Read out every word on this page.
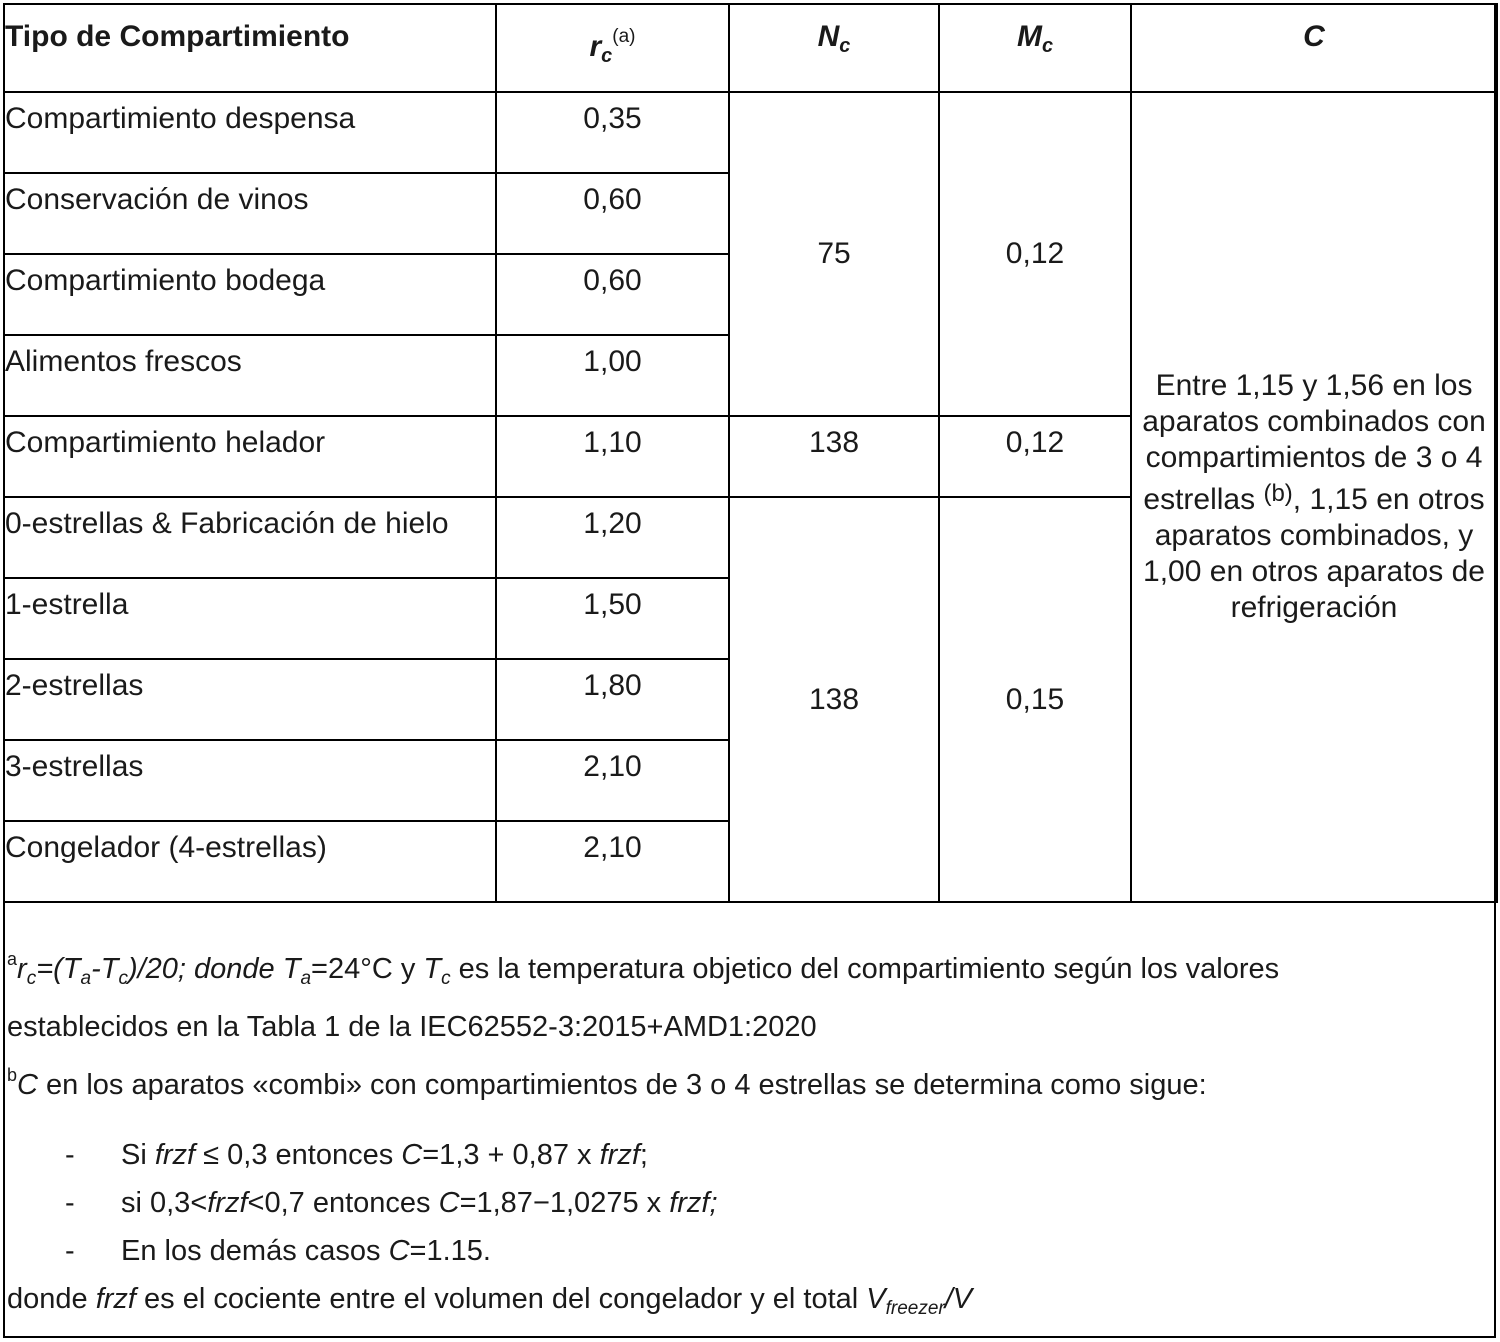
Tipo de Compartimiento	$r_c^{(a)}$	$N_c$	$M_c$	C

Compartimiento despensa	0,35	75	0,12	Entre 1,15 y 1,56 en los aparatos combinados con compartimientos de 3 o 4 estrellas $^{(b)}$, 1,15 en otros aparatos combinados, y 1,00 en otros aparatos de refrigeración

Conservación de vinos	0,60			

Compartimiento bodega	0,60			

Alimentos frescos	1,00			

Compartimiento helador	1,10	138	0,12	

0-estrellas & Fabricación de hielo	1,20	138	0,15	

1-estrella	1,50			

2-estrellas	1,80			

3-estrellas	2,10			

Congelador (4-estrellas)	2,10			
$^ar_c=(T_a-T_c)/20$; donde $T_a=24^\circ C$ y $T_c$ es la temperatura objetico del compartimiento según los valores
establecidos en la Tabla 1 de la IEC62552-3:2015+AMD1:2020
$^b$C en los aparatos «combi» con compartimientos de 3 o 4 estrellas se determina como sigue:
- Si frzf ≤ 0,3 entonces C=1,3 + 0,87 x frzf;
- si 0,3<frzf<0,7 entonces C=1,87−1,0275 x frzf;
- En los demás casos C=1.15.
donde frzf es el cociente entre el volumen del congelador y el total $V_{freezer}/V$
